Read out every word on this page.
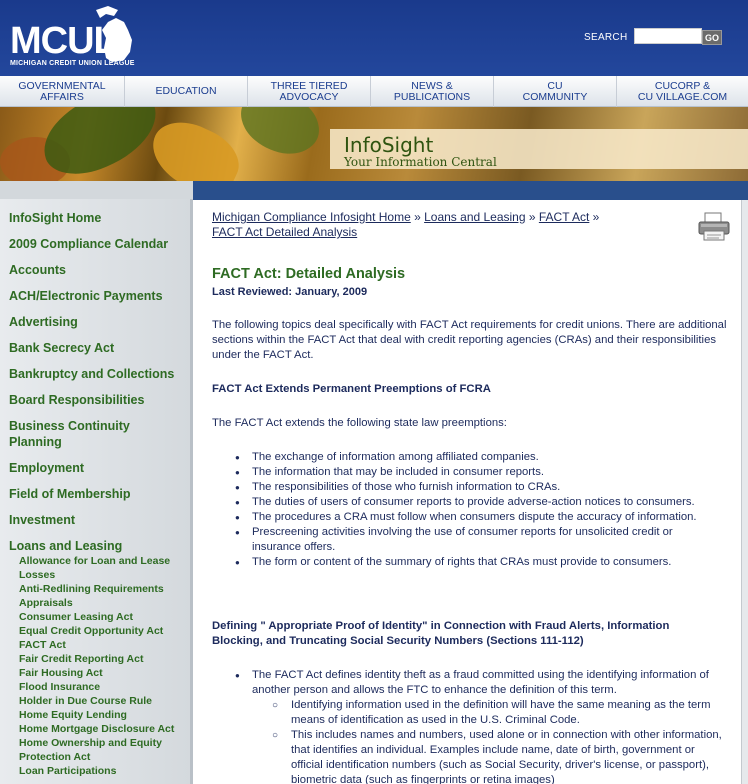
MCUL
MICHIGAN CREDIT UNION LEAGUE
SEARCH	GO
GOVERNMENTAL
AFFAIRS	EDUCATION	THREE TIERED
ADVOCACY
NEWS &
PUBLICATIONS
CU
COMMUNITY
CUCORP &
CU VILLAGE.COM
InfoSight
Your Information Central
InfoSight Home
2009 Compliance Calendar
Accounts
ACH/Electronic Payments
Advertising
Bank Secrecy Act
Bankruptcy and Collections
Board Responsibilities
Business Continuity
Planning
Employment
Field of Membership
Investment
Loans and Leasing
Allowance for Loan and Lease
Losses
Anti-Redlining Requirements
Appraisals
Consumer Leasing Act
Equal Credit Opportunity Act
FACT Act
Fair Credit Reporting Act
Fair Housing Act
Flood Insurance
Holder in Due Course Rule
Home Equity Lending
Home Mortgage Disclosure Act
Home Ownership and Equity
Protection Act
Loan Participations
Michigan Compliance Infosight Home » Loans and Leasing » FACT Act » FACT Act Detailed Analysis
FACT Act: Detailed Analysis
Last Reviewed: January, 2009
The following topics deal specifically with FACT Act requirements for credit unions. There are additional sections within the FACT Act that deal with credit reporting agencies (CRAs) and their responsibilities under the FACT Act.
FACT Act Extends Permanent Preemptions of FCRA
The FACT Act extends the following state law preemptions:
● The exchange of information among affiliated companies.
● The information that may be included in consumer reports.
● The responsibilities of those who furnish information to CRAs.
● The duties of users of consumer reports to provide adverse-action notices to consumers.
● The procedures a CRA must follow when consumers dispute the accuracy of information.
● Prescreening activities involving the use of consumer reports for unsolicited credit or insurance offers.
● The form or content of the summary of rights that CRAs must provide to consumers.
Defining " Appropriate Proof of Identity" in Connection with Fraud Alerts, Information Blocking, and Truncating Social Security Numbers (Sections 111-112)
● The FACT Act defines identity theft as a fraud committed using the identifying information of another person and allows the FTC to enhance the definition of this term.
○ Identifying information used in the definition will have the same meaning as the term means of identification as used in the U.S. Criminal Code.
○ This includes names and numbers, used alone or in connection with other information, that identifies an individual. Examples include name, date of birth, government or official identification numbers (such as Social Security, driver's license, or passport), biometric data (such as fingerprints or retina images)
